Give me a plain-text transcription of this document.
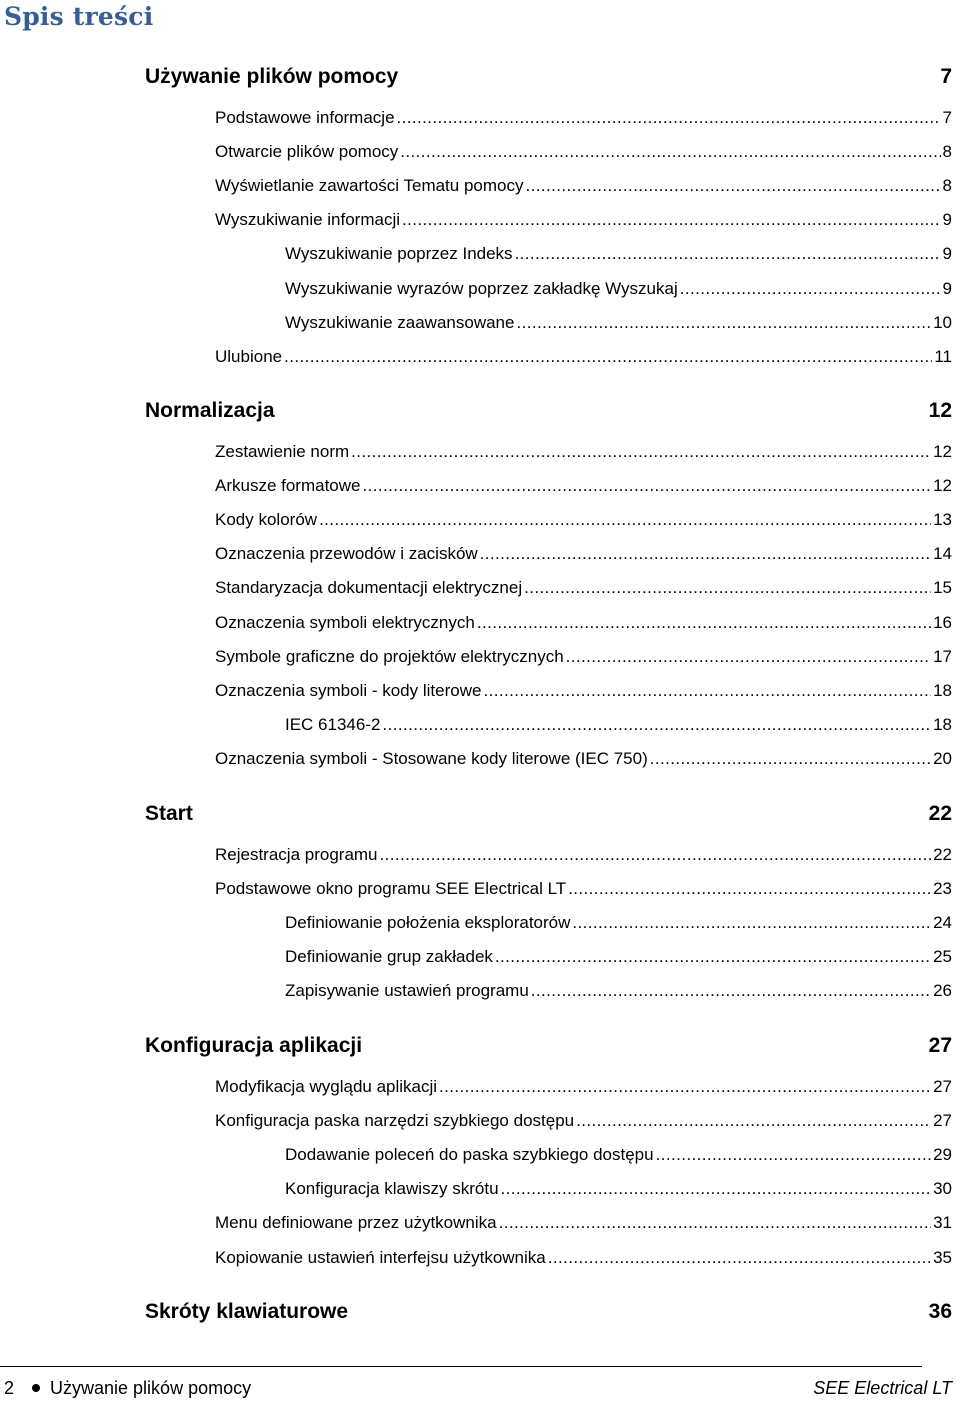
Spis treści
Używanie plików pomocy	7
Podstawowe informacje .....	7
Otwarcie plików pomocy .....	8
Wyświetlanie zawartości Tematu pomocy .....	8
Wyszukiwanie informacji .....	9
Wyszukiwanie poprzez Indeks .....	9
Wyszukiwanie wyrazów poprzez zakładkę Wyszukaj .....	9
Wyszukiwanie zaawansowane .....	10
Ulubione .....	11
Normalizacja	12
Zestawienie norm .....	12
Arkusze formatowe .....	12
Kody kolorów .....	13
Oznaczenia przewodów i zacisków .....	14
Standaryzacja dokumentacji elektrycznej .....	15
Oznaczenia symboli elektrycznych .....	16
Symbole graficzne do projektów elektrycznych .....	17
Oznaczenia symboli - kody literowe .....	18
IEC 61346-2 .....	18
Oznaczenia symboli - Stosowane kody literowe (IEC 750) .....	20
Start	22
Rejestracja programu .....	22
Podstawowe okno programu SEE Electrical LT .....	23
Definiowanie położenia eksploratorów .....	24
Definiowanie grup zakładek .....	25
Zapisywanie ustawień programu .....	26
Konfiguracja aplikacji	27
Modyfikacja wyglądu aplikacji .....	27
Konfiguracja paska narzędzi szybkiego dostępu .....	27
Dodawanie poleceń do paska szybkiego dostępu .....	29
Konfiguracja klawiszy skrótu .....	30
Menu definiowane przez użytkownika .....	31
Kopiowanie ustawień interfejsu użytkownika .....	35
Skróty klawiaturowe	36
2 Używanie plików pomocy	SEE Electrical LT
